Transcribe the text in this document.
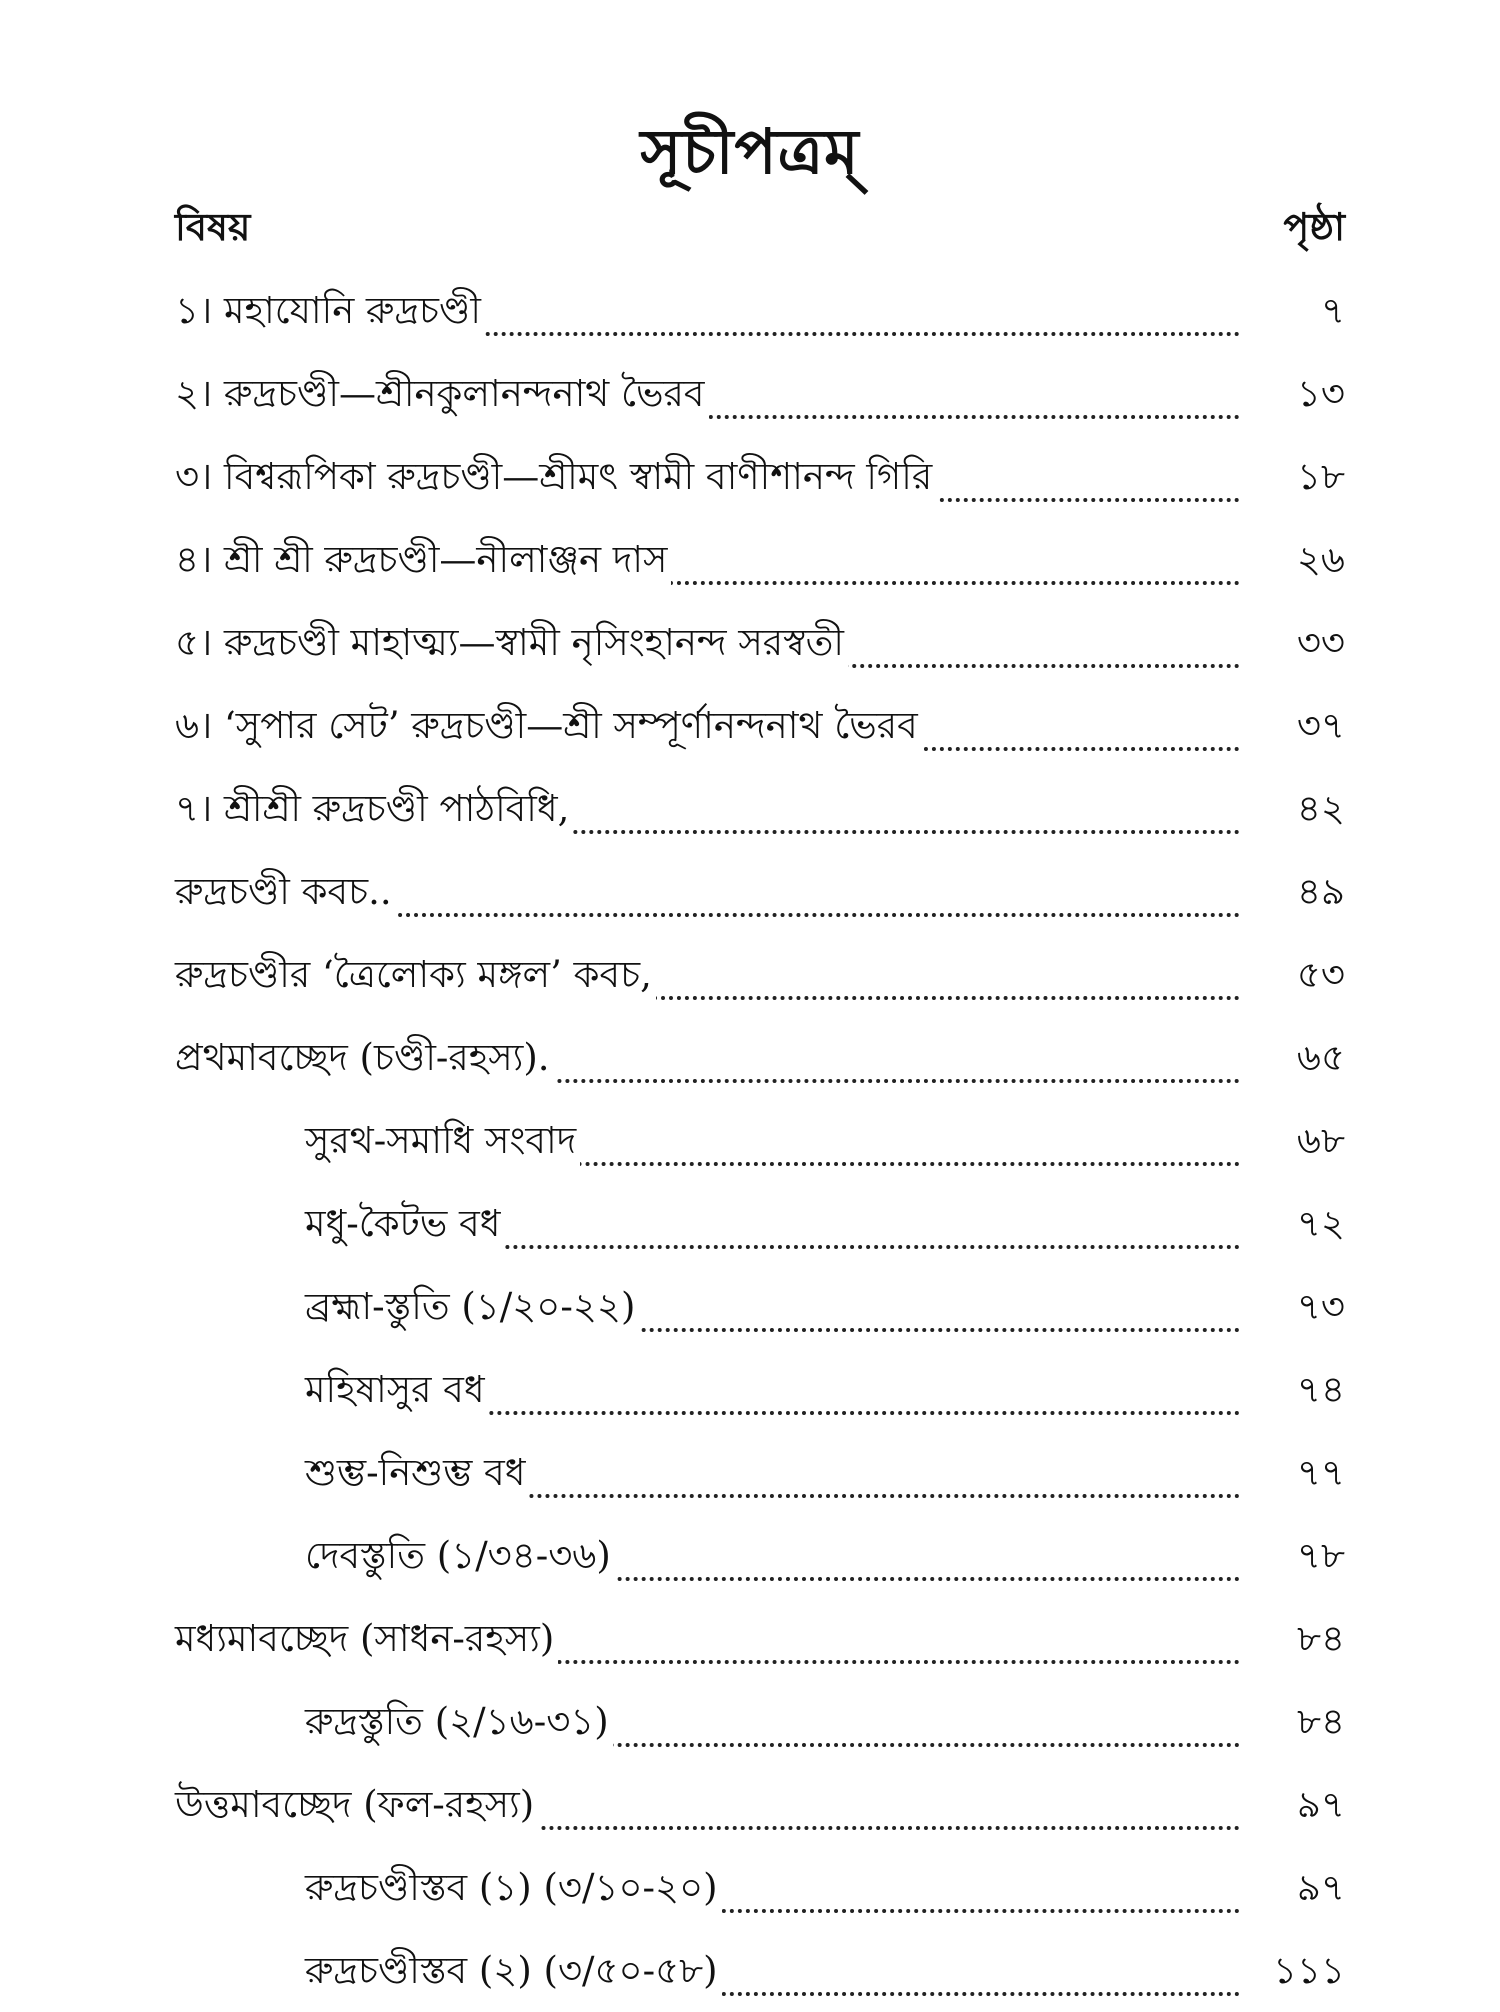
সূচীপত্রম্
বিষয়	পৃষ্ঠা
১। মহাযোনি রুদ্রচণ্ডী	৭
২। রুদ্রচণ্ডী—শ্রীনকুলানন্দনাথ ভৈরব	১৩
৩। বিশ্বরূপিকা রুদ্রচণ্ডী—শ্রীমৎ স্বামী বাণীশানন্দ গিরি	১৮
৪। শ্রী শ্রী রুদ্রচণ্ডী—নীলাঞ্জন দাস	২৬
৫। রুদ্রচণ্ডী মাহাত্ম্য—স্বামী নৃসিংহানন্দ সরস্বতী	৩৩
৬। ‘সুপার সেট’ রুদ্রচণ্ডী—শ্রী সম্পূর্ণানন্দনাথ ভৈরব	৩৭
৭। শ্রীশ্রী রুদ্রচণ্ডী পাঠবিধি,	৪২
রুদ্রচণ্ডী কবচ..	৪৯
রুদ্রচণ্ডীর ‘ত্রৈলোক্য মঙ্গল’ কবচ,	৫৩
প্রথমাবচ্ছেদ (চণ্ডী-রহস্য).	৬৫
সুরথ-সমাধি সংবাদ	৬৮
মধু-কৈটভ বধ	৭২
ব্রহ্মা-স্তুতি (১/২০-২২)	৭৩
মহিষাসুর বধ	৭৪
শুম্ভ-নিশুম্ভ বধ	৭৭
দেবস্তুতি (১/৩৪-৩৬)	৭৮
মধ্যমাবচ্ছেদ (সাধন-রহস্য)	৮৪
রুদ্রস্তুতি (২/১৬-৩১)	৮৪
উত্তমাবচ্ছেদ (ফল-রহস্য)	৯৭
রুদ্রচণ্ডীস্তব (১) (৩/১০-২০)	৯৭
রুদ্রচণ্ডীস্তব (২) (৩/৫০-৫৮)	১১১
